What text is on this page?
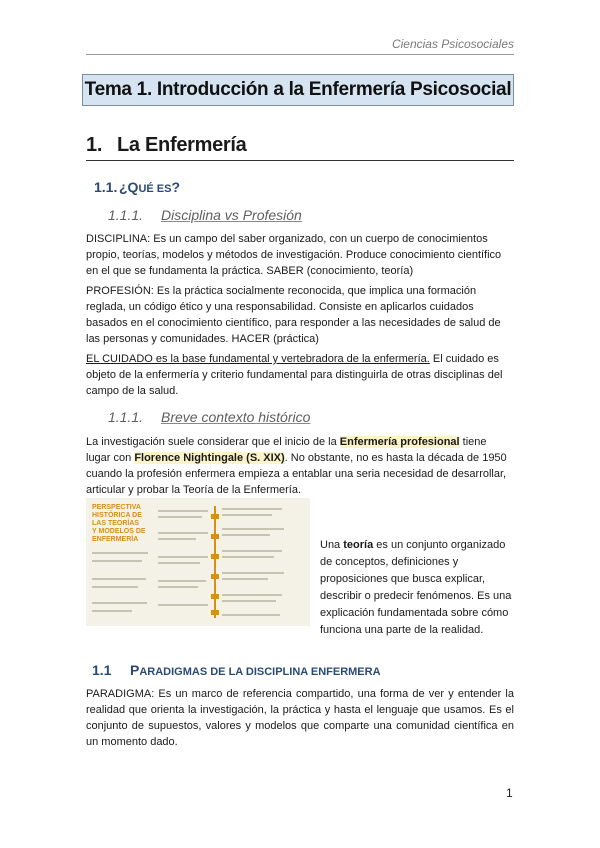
Ciencias Psicosociales
Tema 1. Introducción a la Enfermería Psicosocial
1. La Enfermería
1.1. ¿QUÉ ES?
1.1.1. Disciplina vs Profesión

DISCIPLINA: Es un campo del saber organizado, con un cuerpo de conocimientos propio, teorías, modelos y métodos de investigación. Produce conocimiento científico en el que se fundamenta la práctica. SABER (conocimiento, teoría)

PROFESIÓN: Es la práctica socialmente reconocida, que implica una formación reglada, un código ético y una responsabilidad. Consiste en aplicarlos cuidados basados en el conocimiento científico, para responder a las necesidades de salud de las personas y comunidades. HACER (práctica)

EL CUIDADO es la base fundamental y vertebradora de la enfermería. El cuidado es objeto de la enfermería y criterio fundamental para distinguirla de otras disciplinas del campo de la salud.

1.1.1. Breve contexto histórico

La investigación suele considerar que el inicio de la Enfermería profesional tiene lugar con Florence Nightingale (S. XIX). No obstante, no es hasta la década de 1950 cuando la profesión enfermera empieza a entablar una seria necesidad de desarrollar, articular y probar la Teoría de la Enfermería.

PERSPECTIVA
HISTÓRICA DE
LAS TEORÍAS
Y MODELOS DE
ENFERMERÍA	Una teoría es un conjunto organizado de conceptos, definiciones y proposiciones que busca explicar, describir o predecir fenómenos. Es una explicación fundamentada sobre cómo funciona una parte de la realidad.
1.1 PARADIGMAS DE LA DISCIPLINA ENFERMERA

PARADIGMA: Es un marco de referencia compartido, una forma de ver y entender la realidad que orienta la investigación, la práctica y hasta el lenguaje que usamos. Es el conjunto de supuestos, valores y modelos que comparte una comunidad científica en un momento dado.

1
